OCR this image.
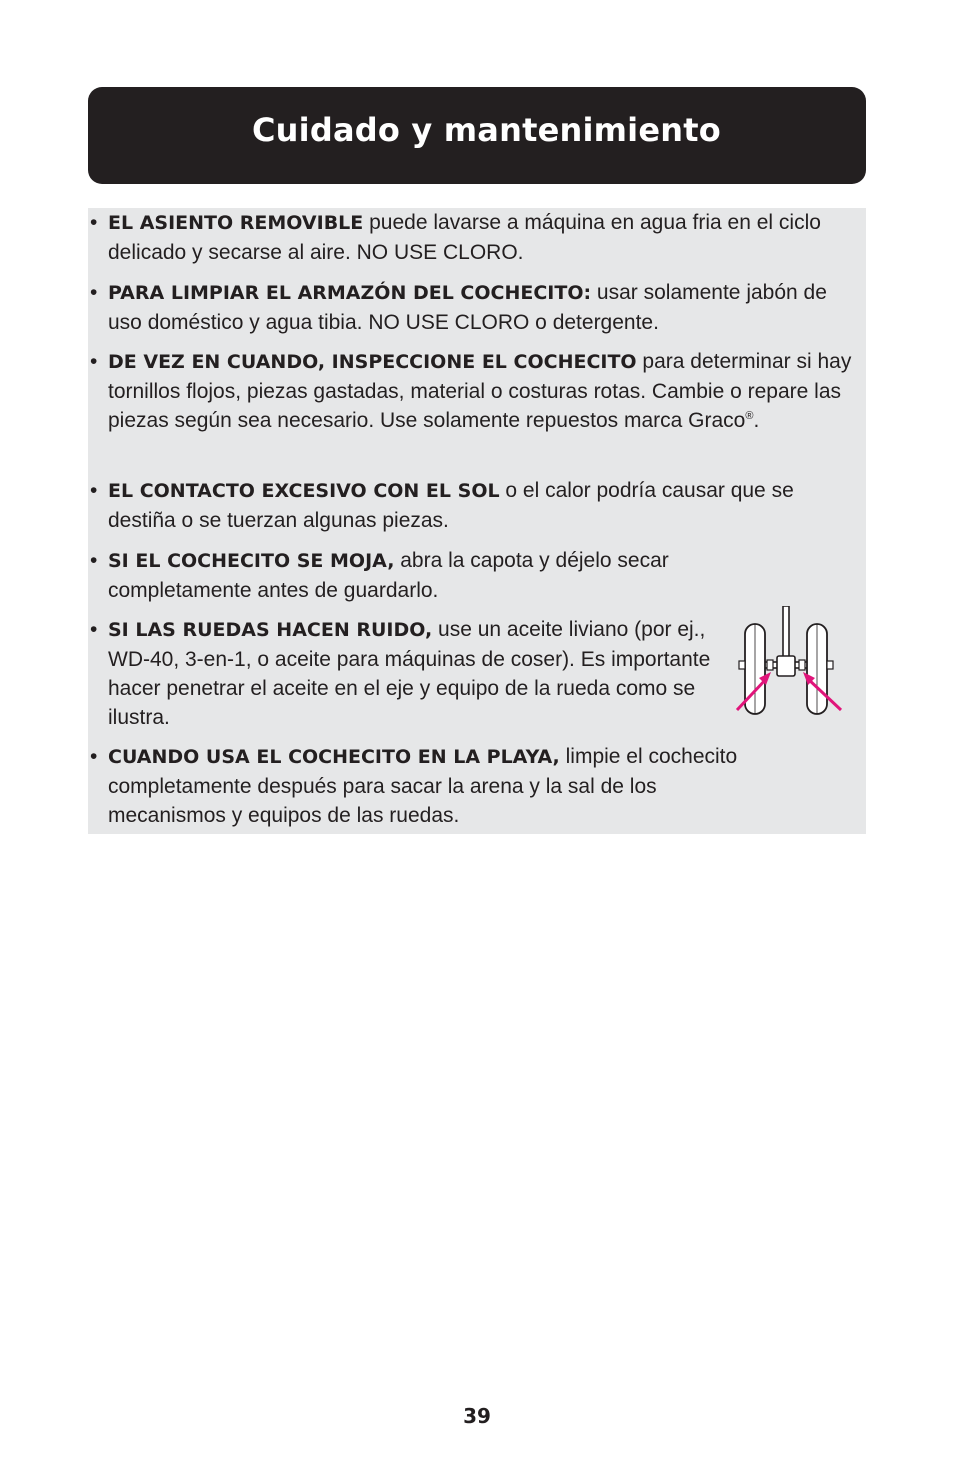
Cuidado y mantenimiento
• EL ASIENTO REMOVIBLE puede lavarse a máquina en agua fria en el ciclo delicado y secarse al aire. NO USE CLORO.
• PARA LIMPIAR EL ARMAZÓN DEL COCHECITO: usar solamente jabón de uso doméstico y agua tibia. NO USE CLORO o detergente.
• DE VEZ EN CUANDO, INSPECCIONE EL COCHECITO para determinar si hay tornillos flojos, piezas gastadas, material o costuras rotas. Cambie o repare las piezas según sea necesario. Use solamente repuestos marca Graco®.
• EL CONTACTO EXCESIVO CON EL SOL o el calor podría causar que se destiña o se tuerzan algunas piezas.
• SI EL COCHECITO SE MOJA, abra la capota y déjelo secar completamente antes de guardarlo.
• SI LAS RUEDAS HACEN RUIDO, use un aceite liviano (por ej., WD-40, 3-en-1, o aceite para máquinas de coser). Es importante hacer penetrar el aceite en el eje y equipo de la rueda como se ilustra.
• CUANDO USA EL COCHECITO EN LA PLAYA, limpie el cochecito completamente después para sacar la arena y la sal de los mecanismos y equipos de las ruedas.
39
